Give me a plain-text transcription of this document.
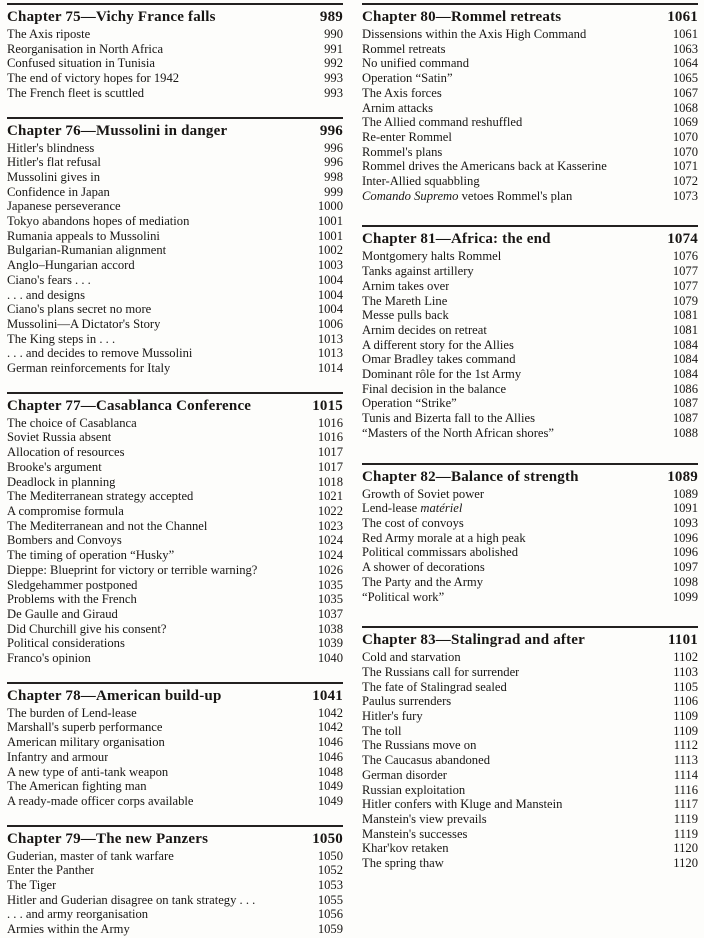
Chapter 75—Vichy France falls	989
The Axis riposte	990
Reorganisation in North Africa	991
Confused situation in Tunisia	992
The end of victory hopes for 1942	993
The French fleet is scuttled	993
Chapter 76—Mussolini in danger	996
Hitler's blindness	996
Hitler's flat refusal	996
Mussolini gives in	998
Confidence in Japan	999
Japanese perseverance	1000
Tokyo abandons hopes of mediation	1001
Rumania appeals to Mussolini	1001
Bulgarian-Rumanian alignment	1002
Anglo–Hungarian accord	1003
Ciano's fears . . .	1004
. . . and designs	1004
Ciano's plans secret no more	1004
Mussolini—A Dictator's Story	1006
The King steps in . . .	1013
. . . and decides to remove Mussolini	1013
German reinforcements for Italy	1014
Chapter 77—Casablanca Conference	1015
The choice of Casablanca	1016
Soviet Russia absent	1016
Allocation of resources	1017
Brooke's argument	1017
Deadlock in planning	1018
The Mediterranean strategy accepted	1021
A compromise formula	1022
The Mediterranean and not the Channel	1023
Bombers and Convoys	1024
The timing of operation “Husky”	1024
Dieppe: Blueprint for victory or terrible warning?	1026
Sledgehammer postponed	1035
Problems with the French	1035
De Gaulle and Giraud	1037
Did Churchill give his consent?	1038
Political considerations	1039
Franco's opinion	1040
Chapter 78—American build-up	1041
The burden of Lend-lease	1042
Marshall's superb performance	1042
American military organisation	1046
Infantry and armour	1046
A new type of anti-tank weapon	1048
The American fighting man	1049
A ready-made officer corps available	1049
Chapter 79—The new Panzers	1050
Guderian, master of tank warfare	1050
Enter the Panther	1052
The Tiger	1053
Hitler and Guderian disagree on tank strategy . . .	1055
. . . and army reorganisation	1056
Armies within the Army	1059
Chapter 80—Rommel retreats	1061
Dissensions within the Axis High Command	1061
Rommel retreats	1063
No unified command	1064
Operation “Satin”	1065
The Axis forces	1067
Arnim attacks	1068
The Allied command reshuffled	1069
Re-enter Rommel	1070
Rommel's plans	1070
Rommel drives the Americans back at Kasserine	1071
Inter-Allied squabbling	1072
Comando Supremo vetoes Rommel's plan	1073
Chapter 81—Africa: the end	1074
Montgomery halts Rommel	1076
Tanks against artillery	1077
Arnim takes over	1077
The Mareth Line	1079
Messe pulls back	1081
Arnim decides on retreat	1081
A different story for the Allies	1084
Omar Bradley takes command	1084
Dominant rôle for the 1st Army	1084
Final decision in the balance	1086
Operation “Strike”	1087
Tunis and Bizerta fall to the Allies	1087
“Masters of the North African shores”	1088
Chapter 82—Balance of strength	1089
Growth of Soviet power	1089
Lend-lease matériel	1091
The cost of convoys	1093
Red Army morale at a high peak	1096
Political commissars abolished	1096
A shower of decorations	1097
The Party and the Army	1098
“Political work”	1099
Chapter 83—Stalingrad and after	1101
Cold and starvation	1102
The Russians call for surrender	1103
The fate of Stalingrad sealed	1105
Paulus surrenders	1106
Hitler's fury	1109
The toll	1109
The Russians move on	1112
The Caucasus abandoned	1113
German disorder	1114
Russian exploitation	1116
Hitler confers with Kluge and Manstein	1117
Manstein's view prevails	1119
Manstein's successes	1119
Khar'kov retaken	1120
The spring thaw	1120
